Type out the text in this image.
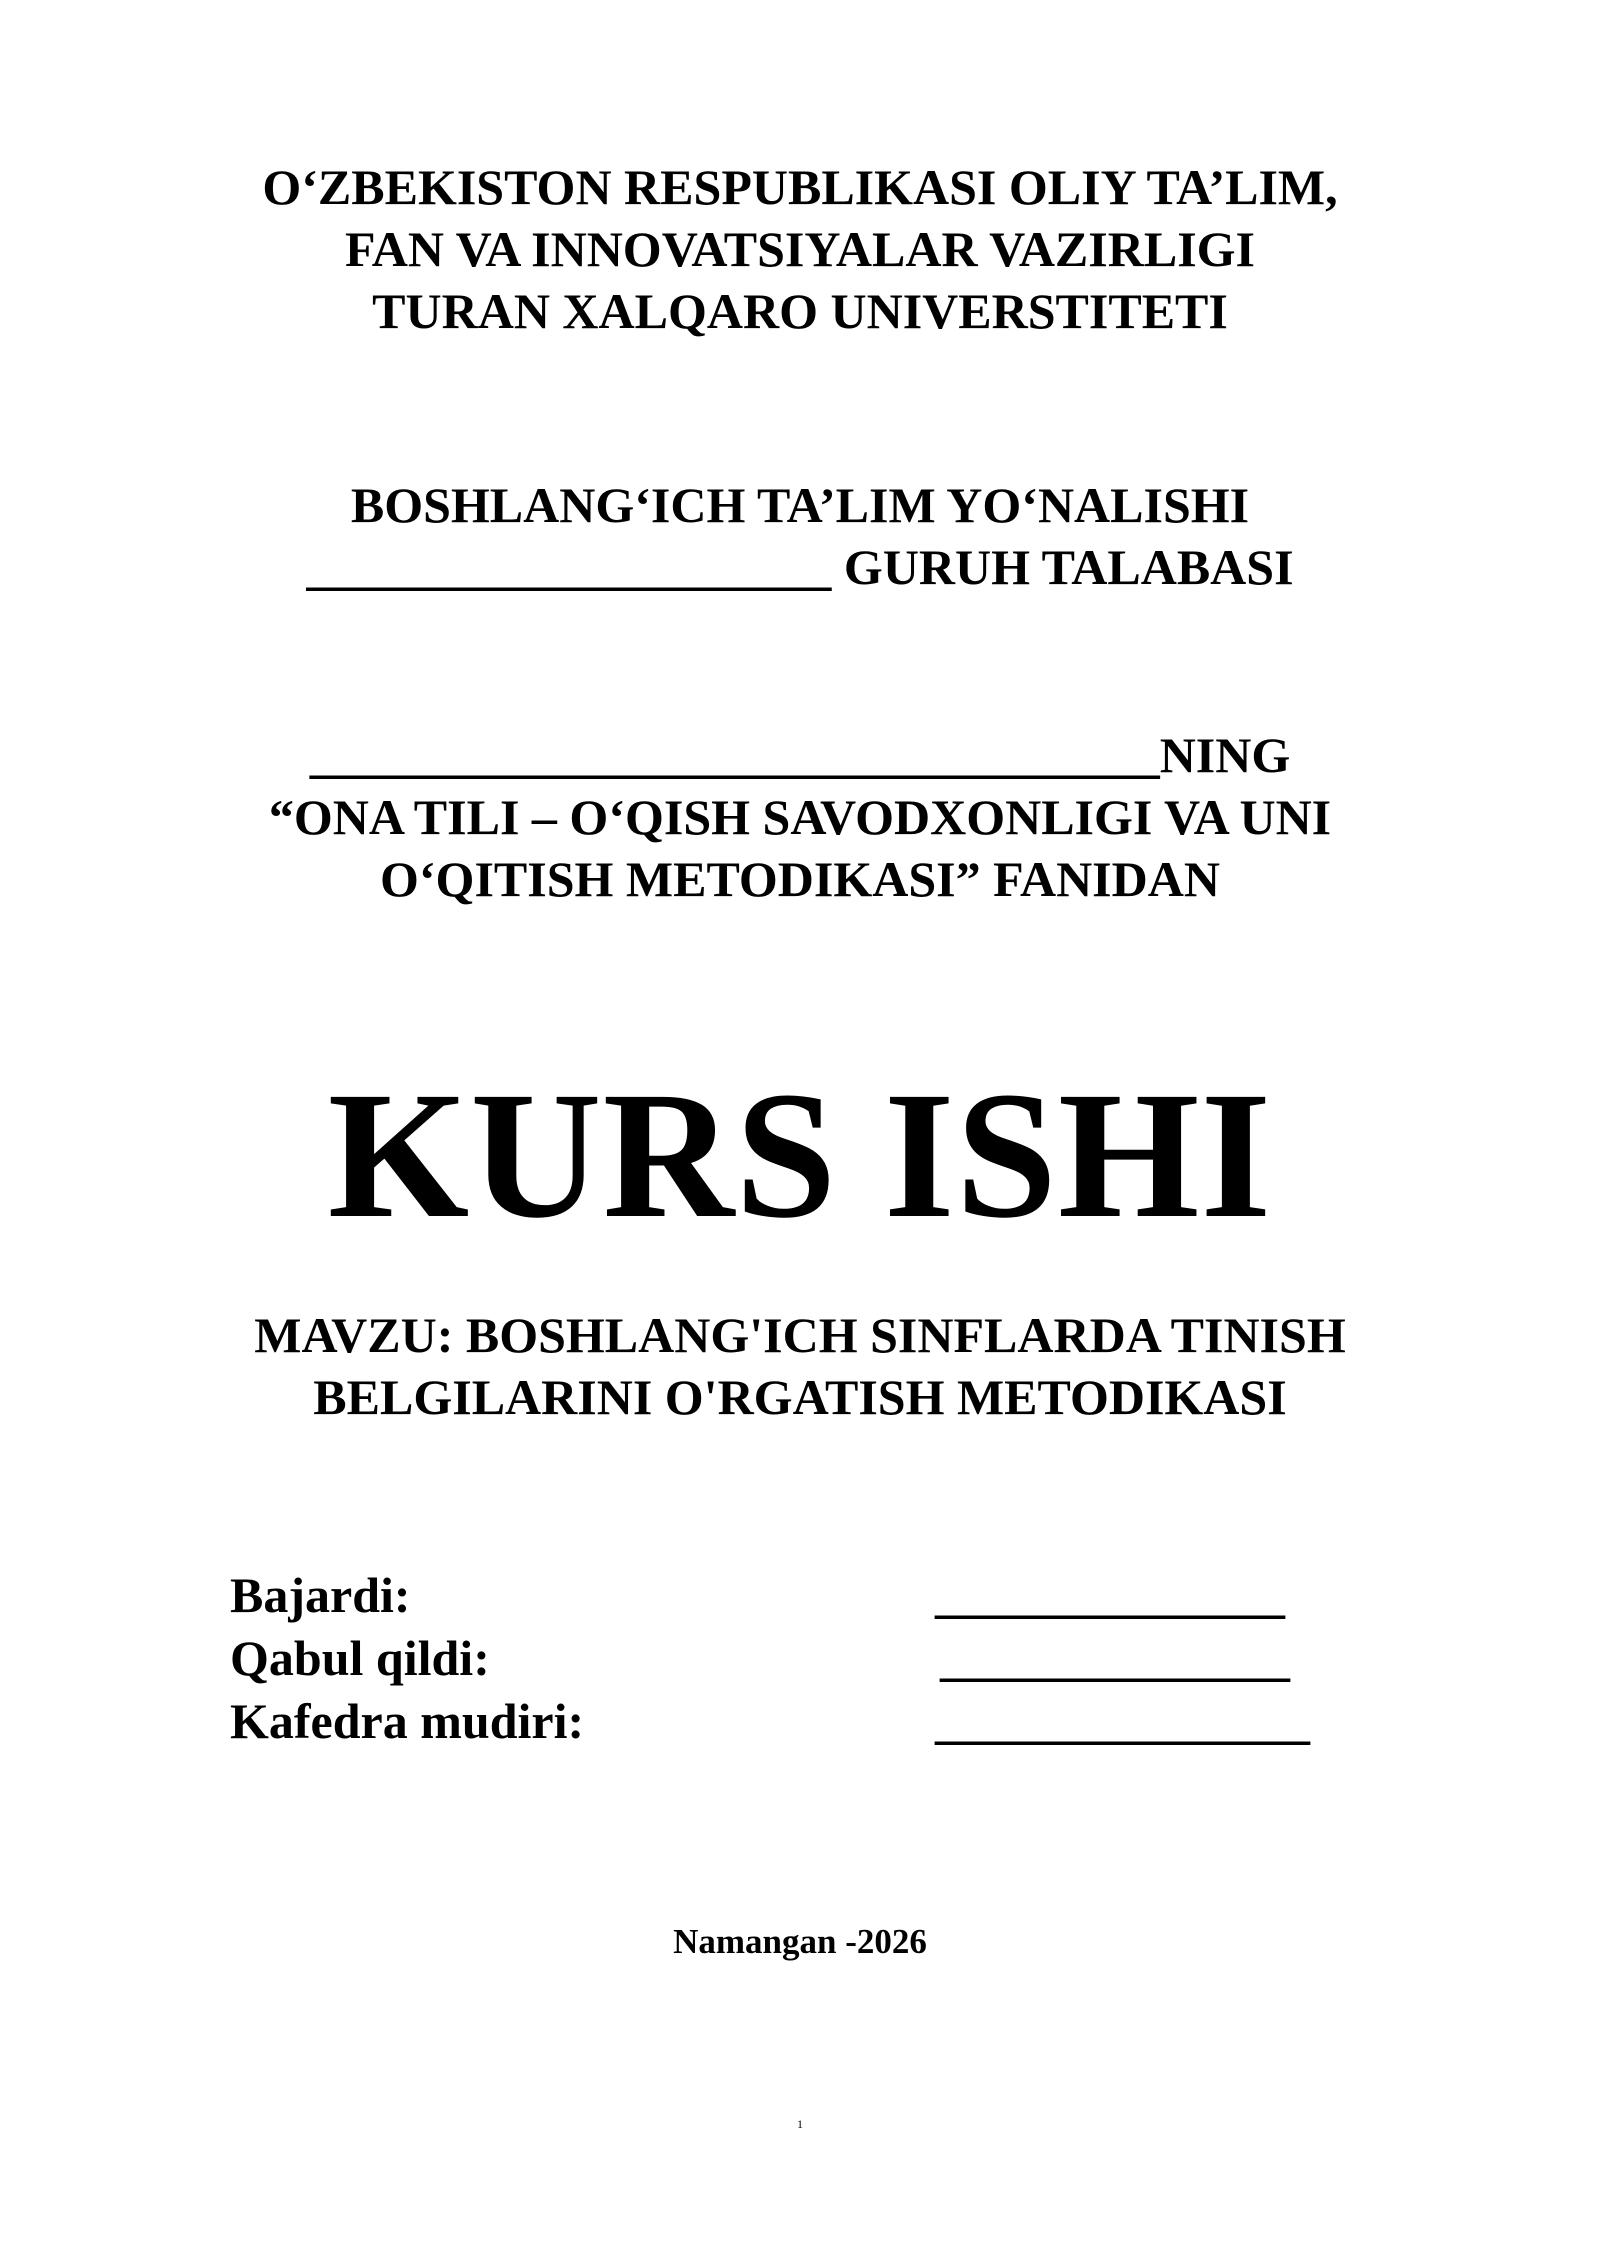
O‘ZBEKISTON RESPUBLIKASI OLIY TA’LIM,
FAN VA INNOVATSIYALAR VAZIRLIGI
TURAN XALQARO UNIVERSTITETI
BOSHLANG‘ICH TA’LIM YO‘NALISHI
_____________________ GURUH TALABASI
__________________________________NING
“ONA TILI – O‘QISH SAVODXONLIGI VA UNI
O‘QITISH METODIKASI” FANIDAN
KURS ISHI
MAVZU: BOSHLANG'ICH SINFLARDA TINISH
BELGILARINI O'RGATISH METODIKASI
Bajardi:	______________
Qabul qildi:	______________
Kafedra mudiri:	_______________
Namangan -2026
1
